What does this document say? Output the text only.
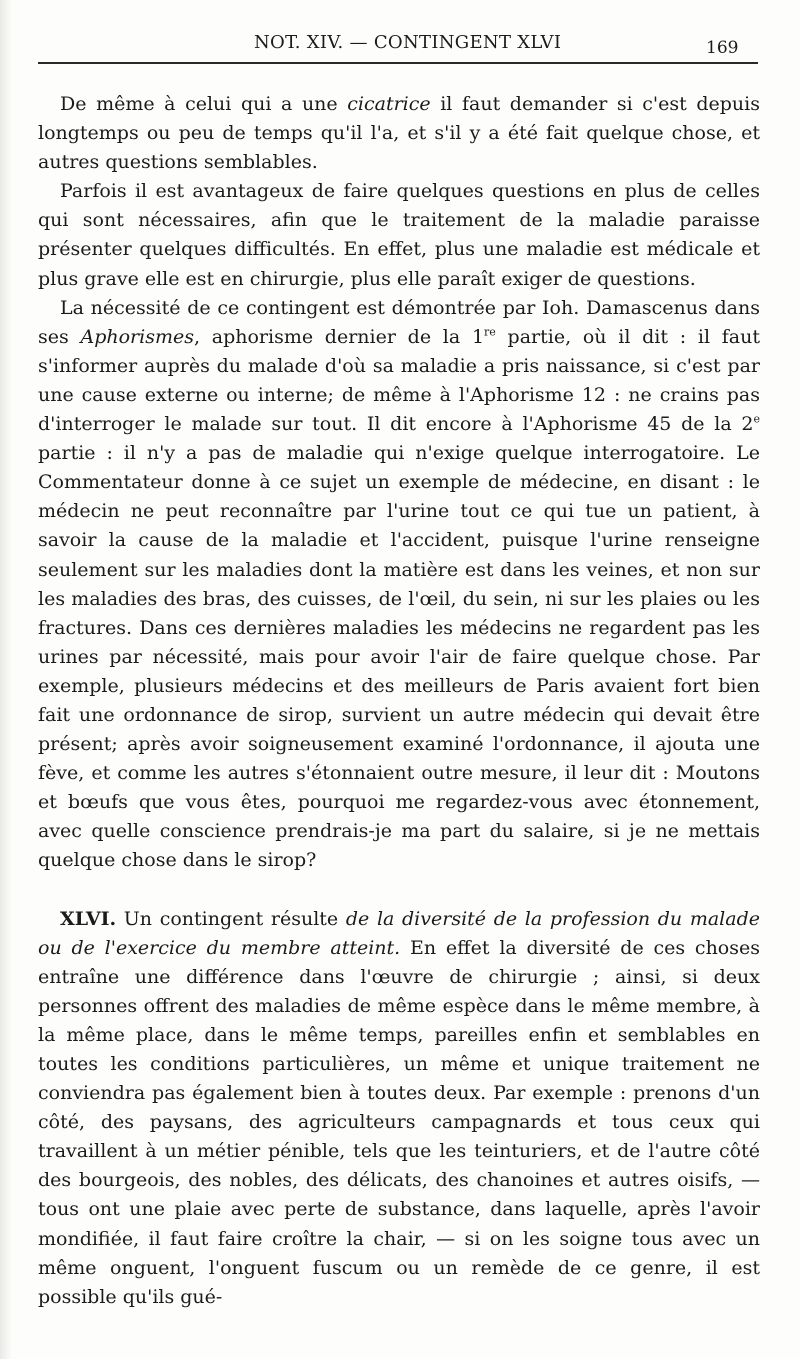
NOT. XIV. — CONTINGENT XLVI	169

De même à celui qui a une cicatrice il faut demander si c'est depuis longtemps ou peu de temps qu'il l'a, et s'il y a été fait quelque chose, et autres questions semblables.

Parfois il est avantageux de faire quelques questions en plus de celles qui sont nécessaires, afin que le traitement de la maladie paraisse présenter quelques difficultés. En effet, plus une maladie est médicale et plus grave elle est en chirurgie, plus elle paraît exiger de questions.

La nécessité de ce contingent est démontrée par Ioh. Damascenus dans ses Aphorismes, aphorisme dernier de la 1re partie, où il dit : il faut s'informer auprès du malade d'où sa maladie a pris naissance, si c'est par une cause externe ou interne; de même à l'Aphorisme 12 : ne crains pas d'interroger le malade sur tout. Il dit encore à l'Aphorisme 45 de la 2e partie : il n'y a pas de maladie qui n'exige quelque interrogatoire. Le Commentateur donne à ce sujet un exemple de médecine, en disant : le médecin ne peut reconnaître par l'urine tout ce qui tue un patient, à savoir la cause de la maladie et l'accident, puisque l'urine renseigne seulement sur les maladies dont la matière est dans les veines, et non sur les maladies des bras, des cuisses, de l'œil, du sein, ni sur les plaies ou les fractures. Dans ces dernières maladies les médecins ne regardent pas les urines par nécessité, mais pour avoir l'air de faire quelque chose. Par exemple, plusieurs médecins et des meilleurs de Paris avaient fort bien fait une ordonnance de sirop, survient un autre médecin qui devait être présent; après avoir soigneusement examiné l'ordonnance, il ajouta une fève, et comme les autres s'étonnaient outre mesure, il leur dit : Moutons et bœufs que vous êtes, pourquoi me regardez-vous avec étonnement, avec quelle conscience prendrais-je ma part du salaire, si je ne mettais quelque chose dans le sirop?

XLVI. Un contingent résulte de la diversité de la profession du malade ou de l'exercice du membre atteint. En effet la diversité de ces choses entraîne une différence dans l'œuvre de chirurgie ; ainsi, si deux personnes offrent des maladies de même espèce dans le même membre, à la même place, dans le même temps, pareilles enfin et semblables en toutes les conditions particulières, un même et unique traitement ne conviendra pas également bien à toutes deux. Par exemple : prenons d'un côté, des paysans, des agriculteurs campagnards et tous ceux qui travaillent à un métier pénible, tels que les teinturiers, et de l'autre côté des bourgeois, des nobles, des délicats, des chanoines et autres oisifs, — tous ont une plaie avec perte de substance, dans laquelle, après l'avoir mondifiée, il faut faire croître la chair, — si on les soigne tous avec un même onguent, l'onguent fuscum ou un remède de ce genre, il est possible qu'ils gué-
